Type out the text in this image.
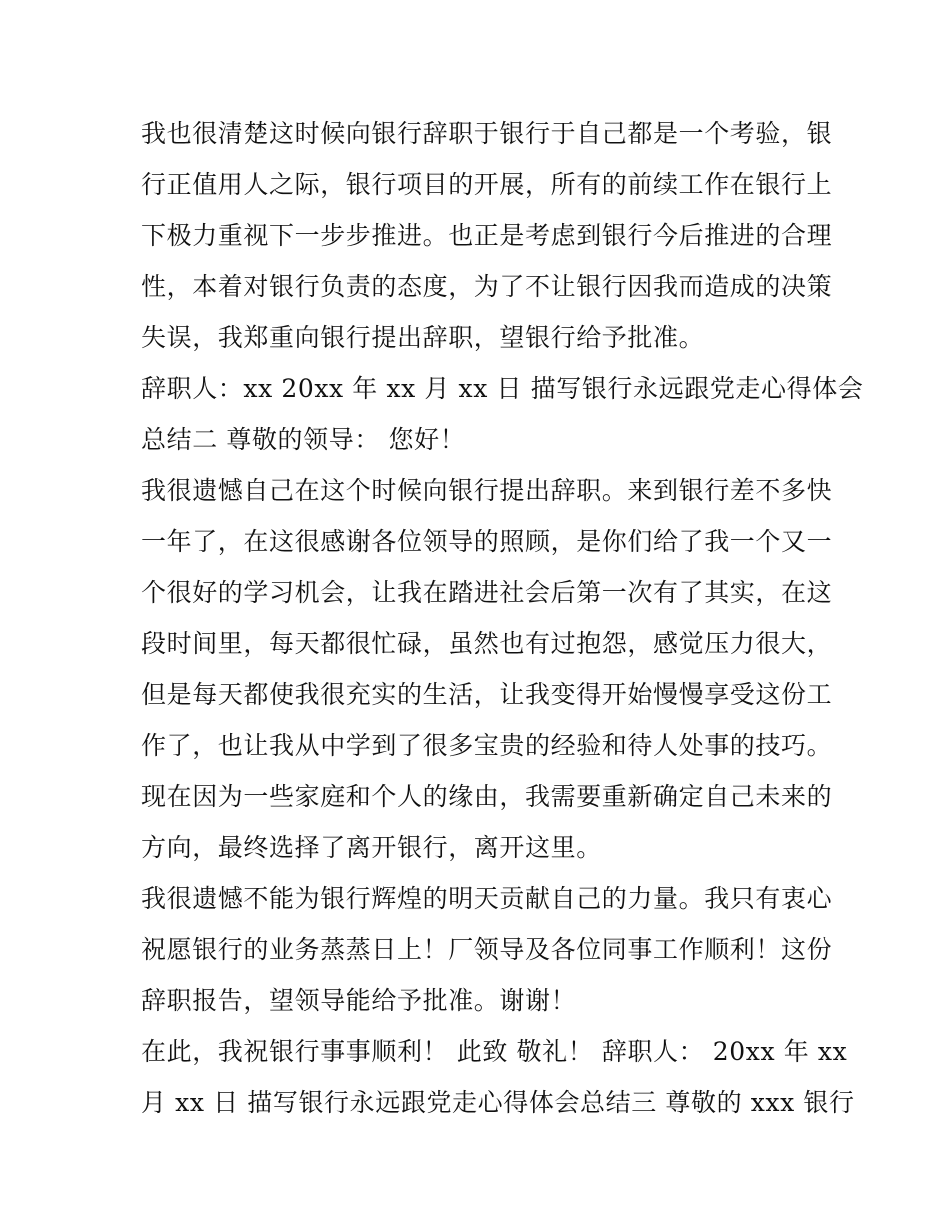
我也很清楚这时候向银行辞职于银行于自己都是一个考验，银
行正值用人之际，银行项目的开展，所有的前续工作在银行上
下极力重视下一步步推进。也正是考虑到银行今后推进的合理
性，本着对银行负责的态度，为了不让银行因我而造成的决策
失误，我郑重向银行提出辞职，望银行给予批准。

辞职人：xx 20xx 年 xx 月 xx 日 描写银行永远跟党走心得体会
总结二 尊敬的领导： 您好！

我很遗憾自己在这个时候向银行提出辞职。来到银行差不多快
一年了，在这很感谢各位领导的照顾，是你们给了我一个又一
个很好的学习机会，让我在踏进社会后第一次有了其实，在这
段时间里，每天都很忙碌，虽然也有过抱怨，感觉压力很大，
但是每天都使我很充实的生活，让我变得开始慢慢享受这份工
作了，也让我从中学到了很多宝贵的经验和待人处事的技巧。
现在因为一些家庭和个人的缘由，我需要重新确定自己未来的
方向，最终选择了离开银行，离开这里。

我很遗憾不能为银行辉煌的明天贡献自己的力量。我只有衷心
祝愿银行的业务蒸蒸日上！厂领导及各位同事工作顺利！这份
辞职报告，望领导能给予批准。谢谢！

在此，我祝银行事事顺利！ 此致 敬礼！ 辞职人： 20xx 年 xx
月 xx 日 描写银行永远跟党走心得体会总结三 尊敬的 xxx 银行
